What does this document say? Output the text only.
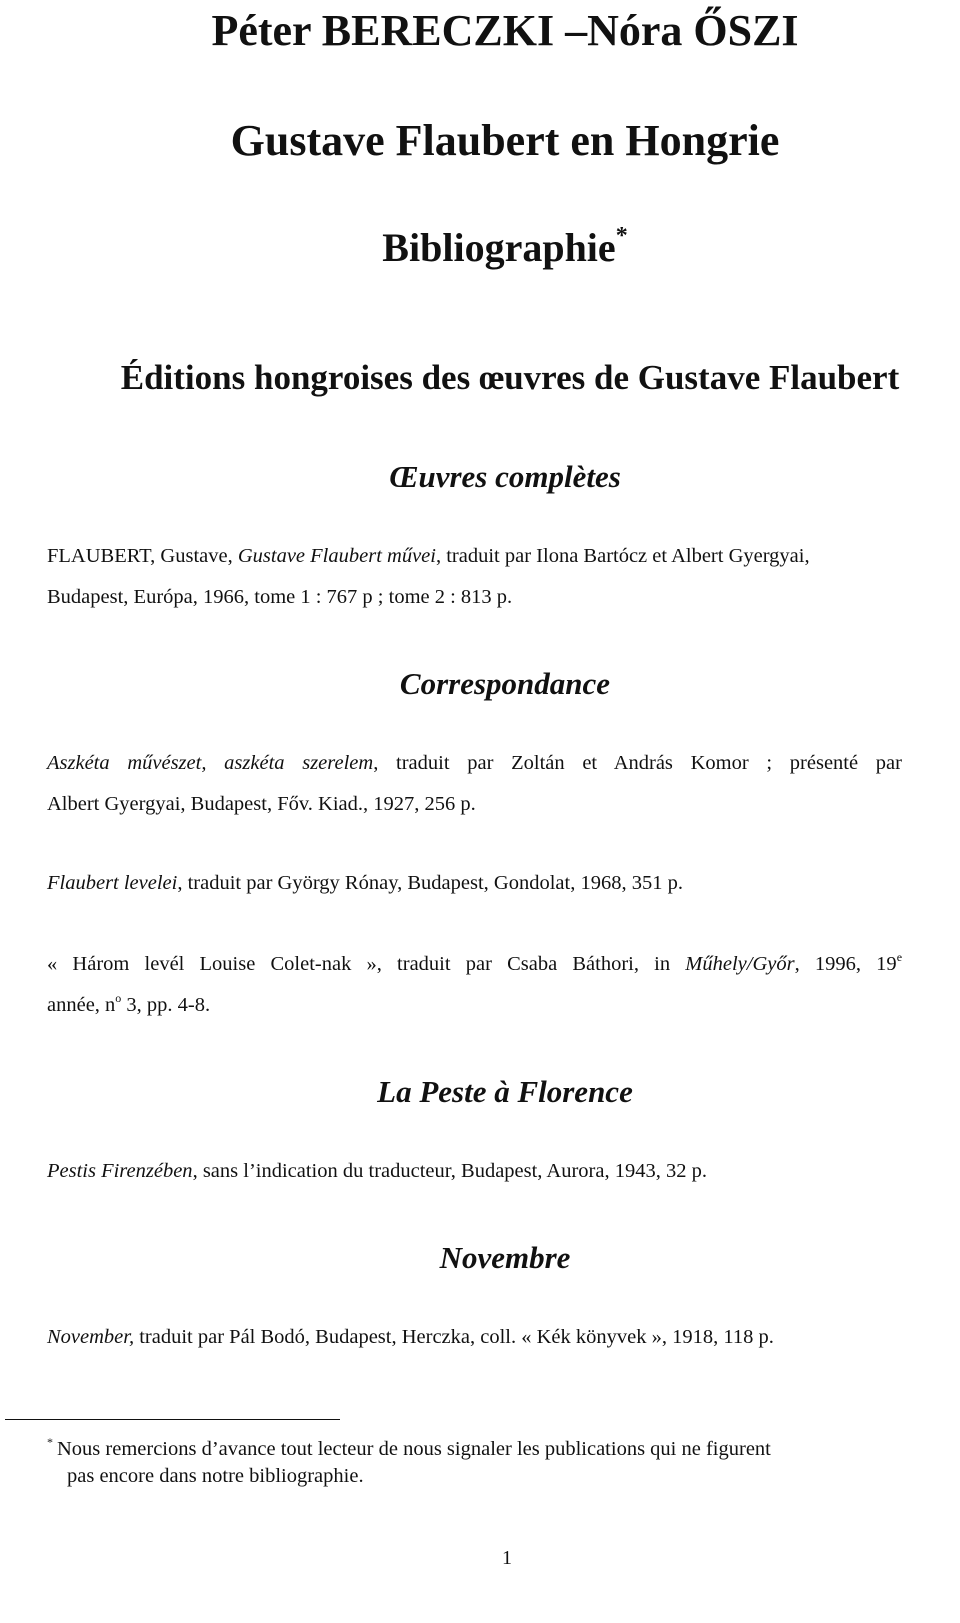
Péter BERECZKI –Nóra ŐSZI
Gustave Flaubert en Hongrie
Bibliographie*
Éditions hongroises des œuvres de Gustave Flaubert
Œuvres complètes

FLAUBERT, Gustave, Gustave Flaubert művei, traduit par Ilona Bartócz et Albert Gyergyai,
Budapest, Európa, 1966, tome 1 : 767 p ; tome 2 : 813 p.

Correspondance

Aszkéta művészet, aszkéta szerelem, traduit par Zoltán et András Komor ; présenté par
Albert Gyergyai, Budapest, Főv. Kiad., 1927, 256 p.

Flaubert levelei, traduit par György Rónay, Budapest, Gondolat, 1968, 351 p.

« Három levél Louise Colet-nak », traduit par Csaba Báthori, in Műhely/Győr, 1996, 19e
année, $n^o$ 3, pp. 4-8.

La Peste à Florence

Pestis Firenzében, sans l’indication du traducteur, Budapest, Aurora, 1943, 32 p.

Novembre

November, traduit par Pál Bodó, Budapest, Herczka, coll. « Kék könyvek », 1918, 118 p.

* Nous remercions d’avance tout lecteur de nous signaler les publications qui ne figurent
pas encore dans notre bibliographie.

1
